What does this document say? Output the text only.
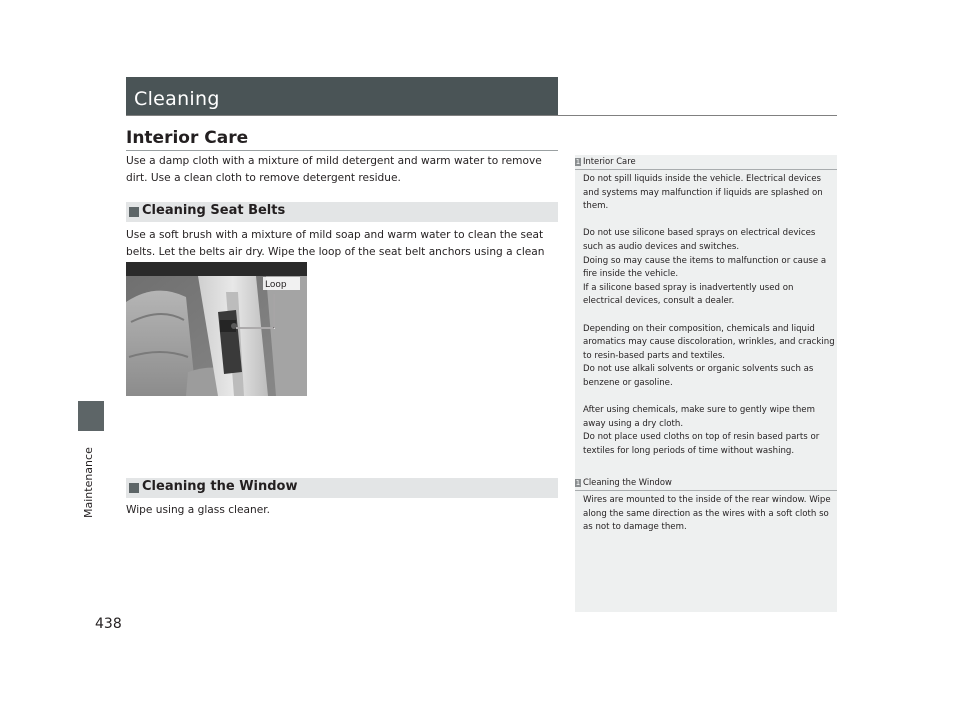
Maintenance
438
Cleaning
Interior Care
Use a damp cloth with a mixture of mild detergent and warm water to remove dirt. Use a clean cloth to remove detergent residue.
Cleaning Seat Belts
Use a soft brush with a mixture of mild soap and warm water to clean the seat belts. Let the belts air dry. Wipe the loop of the seat belt anchors using a clean
Loop
Cleaning the Window
Wipe using a glass cleaner.
1 Interior Care

Do not spill liquids inside the vehicle. Electrical devices and systems may malfunction if liquids are splashed on them.

Do not use silicone based sprays on electrical devices such as audio devices and switches.

Doing so may cause the items to malfunction or cause a fire inside the vehicle.

If a silicone based spray is inadvertently used on electrical devices, consult a dealer.

Depending on their composition, chemicals and liquid aromatics may cause discoloration, wrinkles, and cracking to resin-based parts and textiles.

Do not use alkali solvents or organic solvents such as benzene or gasoline.

After using chemicals, make sure to gently wipe them away using a dry cloth.

Do not place used cloths on top of resin based parts or textiles for long periods of time without washing.

1 Cleaning the Window

Wires are mounted to the inside of the rear window. Wipe along the same direction as the wires with a soft cloth so as not to damage them.
